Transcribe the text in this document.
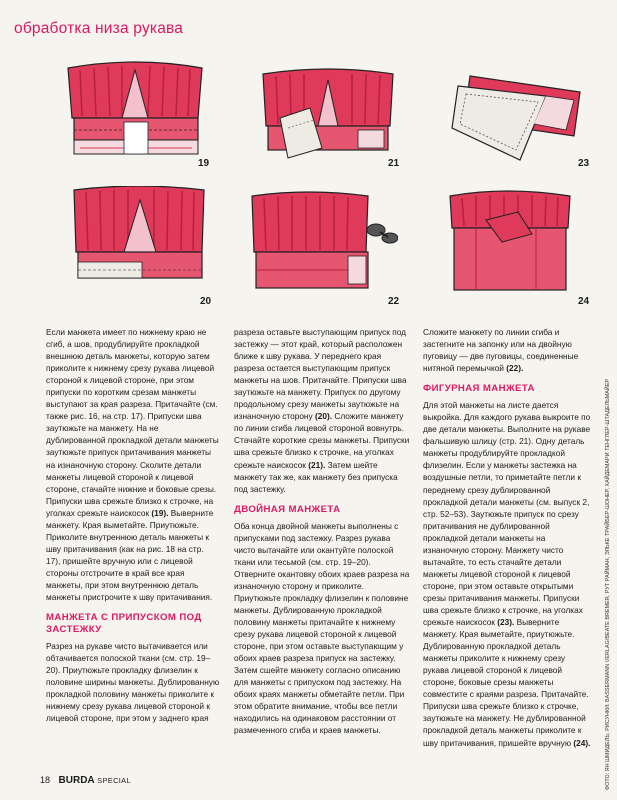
обработка низа рукава
19	21	23
20	22	24

Если манжета имеет по нижнему краю не сгиб, а шов, продублируйте прокладкой внешнюю деталь манжеты, которую затем приколите к нижнему срезу рукава лицевой стороной к лицевой стороне, при этом припуски по коротким срезам манжеты выступают за края разреза. Притачайте (см. также рис. 16, на стр. 17). Припуски шва заутюжьте на манжету. На не дублированной прокладкой детали манжеты заутюжьте припуск притачивания манжеты на изнаночную сторону. Сколите детали манжеты лицевой стороной к лицевой стороне, стачайте нижние и боковые срезы. Припуски шва срежьте близко к строчке, на уголках срежьте наискосок (19). Выверните манжету. Края выметайте. Приутюжьте. Приколите внутреннюю деталь манжеты к шву притачивания (как на рис. 18 на стр. 17), пришейте вручную или с лицевой стороны отстрочите в край все края манжеты, при этом внутреннюю деталь манжеты пристрочите к шву притачивания.

МАНЖЕТА С ПРИПУСКОМ ПОД ЗАСТЕЖКУ

Разрез на рукаве чисто вытачивается или обтачивается полоской ткани (см. стр. 19–20). Приутюжьте прокладку флизелин к половине ширины манжеты. Дублированную прокладкой половину манжеты приколите к нижнему срезу рукава лицевой стороной к лицевой стороне, при этом у заднего края

разреза оставьте выступающим припуск под застежку — этот край, который расположен ближе к шву рукава. У переднего края разреза остается выступающим припуск манжеты на шов. Притачайте. Припуски шва заутюжьте на манжету. Припуск по другому продольному срезу манжеты заутюжьте на изнаночную сторону (20). Сложите манжету по линии сгиба лицевой стороной вовнутрь. Стачайте короткие срезы манжеты. Припуски шва срежьте близко к строчке, на уголках срежьте наискосок (21). Затем шейте манжету так же, как манжету без припуска под застежку.

ДВОЙНАЯ МАНЖЕТА

Оба конца двойной манжеты выполнены с припусками под застежку. Разрез рукава чисто вытачайте или окантуйте полоской ткани или тесьмой (см. стр. 19–20). Отверните окантовку обоих краев разреза на изнаночную сторону и приколите. Приутюжьте прокладку флизелин к половине манжеты. Дублированную прокладкой половину манжеты притачайте к нижнему срезу рукава лицевой стороной к лицевой стороне, при этом оставьте выступающим у обоих краев разреза припуск на застежку. Затем сшейте манжету согласно описанию для манжеты с припуском под застежку. На обоих краях манжеты обметайте петли. При этом обратите внимание, чтобы все петли находились на одинаковом расстоянии от размеченного сгиба и краев манжеты.

Сложите манжету по линии сгиба и застегните на запонку или на двойную пуговицу — две пуговицы, соединенные нитяной перемычкой (22).

ФИГУРНАЯ МАНЖЕТА

Для этой манжеты на листе дается выкройка. Для каждого рукава выкроите по две детали манжеты. Выполните на рукаве фальшивую шлицу (стр. 21). Одну деталь манжеты продублируйте прокладкой флизелин. Если у манжеты застежка на воздушные петли, то приметайте петли к переднему срезу дублированной прокладкой детали манжеты (см. выпуск 2, стр. 52–53). Заутюжьте припуск по срезу притачивания не дублированной прокладкой детали манжеты на изнаночную сторону. Манжету чисто вытачайте, то есть стачайте детали манжеты лицевой стороной к лицевой стороне, при этом оставьте открытыми срезы притачивания манжеты. Припуски шва срежьте близко к строчке, на уголках срежьте наискосок (23). Выверните манжету. Края выметайте, приутюжьте. Дублированную прокладкой деталь манжеты приколите к нижнему срезу рукава лицевой стороной к лицевой стороне, боковые срезы манжеты совместите с краями разреза. Притачайте. Припуски шва срежьте близко к строчке, заутюжьте на манжету. Не дублированной прокладкой деталь манжеты приколите к шву притачивания, пришейте вручную (24).

18 BURDA SPECIAL	ФОТО: ЯН ШМИДЕЛЬ; РИСУНКИ: BASSERMANN VERLAG/BEATE BREMER, РУТ РАЙМАН, ЭЛЬКЕ ТРАЙБЕР-ШОНЕР, ХАЙДЕМАРИ ТЕНГЛЕР-ШТАДЕЛЬМАЙЕР
